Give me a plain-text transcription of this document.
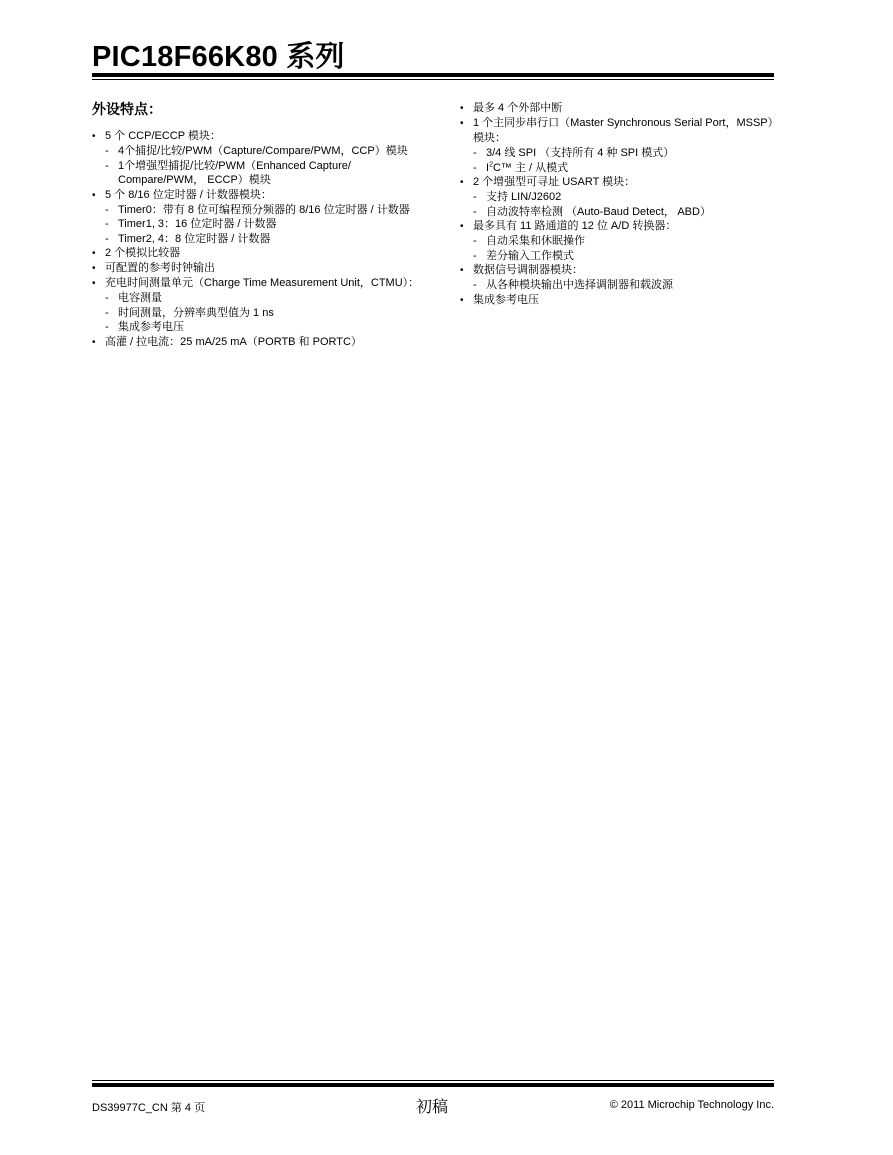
PIC18F66K80 系列
外设特点：
• 5 个 CCP/ECCP 模块：
- 4个捕捉/比较/PWM（Capture/Compare/PWM，CCP）模块
- 1个增强型捕捉/比较/PWM（Enhanced Capture/ Compare/PWM， ECCP）模块
• 5 个 8/16 位定时器 / 计数器模块：
- Timer0：带有 8 位可编程预分频器的 8/16 位定时器 / 计数器
- Timer1, 3：16 位定时器 / 计数器
- Timer2, 4：8 位定时器 / 计数器
• 2 个模拟比较器
• 可配置的参考时钟输出
• 充电时间测量单元（Charge Time Measurement Unit，CTMU）：
- 电容测量
- 时间测量，分辨率典型值为 1 ns
- 集成参考电压
• 高灌 / 拉电流：25 mA/25 mA（PORTB 和 PORTC）
• 最多 4 个外部中断
• 1 个主同步串行口（Master Synchronous Serial Port，MSSP）模块：
- 3/4 线 SPI （支持所有 4 种 SPI 模式）
- $I^2C™$ 主 / 从模式
• 2 个增强型可寻址 USART 模块：
- 支持 LIN/J2602
- 自动波特率检测 （Auto-Baud Detect， ABD）
• 最多具有 11 路通道的 12 位 A/D 转换器：
- 自动采集和休眠操作
- 差分输入工作模式
• 数据信号调制器模块：
- 从各种模块输出中选择调制器和载波源
• 集成参考电压
DS39977C_CN 第 4 页	初稿	© 2011 Microchip Technology Inc.
